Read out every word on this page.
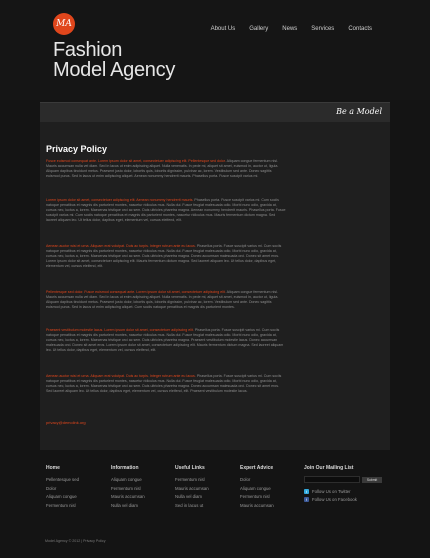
MA
Fashion
Model Agency
About Us Gallery News Services Contacts
Be a Model
Privacy Policy
Fusce euismod consequat ante. Lorem ipsum dolor sit amet, consectetuer adipiscing elit. Pellentesque sed dolor. Aliquam congue fermentum nisl. Mauris accumsan nulla vel diam. Sed in lacus ut enim adipiscing aliquet. Nulla venenatis. In pede mi, aliquet sit amet, euismod in, auctor ut, ligula. Aliquam dapibus tincidunt metus. Praesent justo dolor, lobortis quis, lobortis dignissim, pulvinar ac, lorem. Vestibulum sed ante. Donec sagittis euismod purus. Sed in lacus ut enim adipiscing aliquet. Aenean nonummy hendrerit mauris. Phasellus porta. Fusce suscipit varius mi.
Lorem ipsum dolor sit amet, consectetuer adipiscing elit. Aenean nonummy hendrerit mauris. Phasellus porta. Fusce suscipit varius mi. Cum sociis natoque penatibus et magnis dis parturient montes, nascetur ridiculus mus. Nulla dui. Fusce feugiat malesuada odio. Morbi nunc odio, gravida at, cursus nec, luctus a, lorem. Maecenas tristique orci ac sem. Duis ultricies pharetra magna. Aenean nonummy hendrerit mauris. Phasellus porta. Fusce suscipit varius mi. Cum sociis natoque penatibus et magnis dis parturient montes, nascetur ridiculus mus. Mauris fermentum dictum magna. Sed laoreet aliquam leo. Ut tellus dolor, dapibus eget, elementum vel, cursus eleifend, elit.
Aenean auctor wisi et urna. Aliquam erat volutpat. Duis ac turpis. Integer rutrum ante eu lacus. Phasellus porta. Fusce suscipit varius mi. Cum sociis natoque penatibus et magnis dis parturient montes, nascetur ridiculus mus. Nulla dui. Fusce feugiat malesuada odio. Morbi nunc odio, gravida at, cursus nec, luctus a, lorem. Maecenas tristique orci ac sem. Duis ultricies pharetra magna. Donec accumsan malesuada orci. Donec sit amet eros. Lorem ipsum dolor sit amet, consectetuer adipiscing elit. Mauris fermentum dictum magna. Sed laoreet aliquam leo. Ut tellus dolor, dapibus eget, elementum vel, cursus eleifend, elit.
Pellentesque sed dolor. Fusce euismod consequat ante. Lorem ipsum dolor sit amet, consectetuer adipiscing elit. Aliquam congue fermentum nisl. Mauris accumsan nulla vel diam. Sed in lacus ut enim adipiscing aliquet. Nulla venenatis. In pede mi, aliquet sit amet, euismod in, auctor ut, ligula. Aliquam dapibus tincidunt metus. Praesent justo dolor, lobortis quis, lobortis dignissim, pulvinar ac, lorem. Vestibulum sed ante. Donec sagittis euismod purus. Sed in lacus ut enim adipiscing aliquet. Cum sociis natoque penatibus et magnis dis parturient montes.
Praesent vestibulum molestie lacus. Lorem ipsum dolor sit amet, consectetuer adipiscing elit. Phasellus porta. Fusce suscipit varius mi. Cum sociis natoque penatibus et magnis dis parturient montes, nascetur ridiculus mus. Nulla dui. Fusce feugiat malesuada odio. Morbi nunc odio, gravida at, cursus nec, luctus a, lorem. Maecenas tristique orci ac sem. Duis ultricies pharetra magna. Praesent vestibulum molestie lacus. Donec accumsan malesuada orci. Donec sit amet eros. Lorem ipsum dolor sit amet, consectetuer adipiscing elit. Mauris fermentum dictum magna. Sed laoreet aliquam leo. Ut tellus dolor, dapibus eget, elementum vel, cursus eleifend, elit.
Aenean auctor wisi et urna. Aliquam erat volutpat. Duis ac turpis. Integer rutrum ante eu lacus. Phasellus porta. Fusce suscipit varius mi. Cum sociis natoque penatibus et magnis dis parturient montes, nascetur ridiculus mus. Nulla dui. Fusce feugiat malesuada odio. Morbi nunc odio, gravida at, cursus nec, luctus a, lorem. Maecenas tristique orci ac sem. Duis ultricies pharetra magna. Donec accumsan malesuada orci. Donec sit amet eros. Sed laoreet aliquam leo. Ut tellus dolor, dapibus eget, elementum vel, cursus eleifend, elit. Praesent vestibulum molestie lacus.
privacy@demolink.org
Home
Pellentesque sed
Dolor
Aliquam congue
Fermentum nisl
Information
Aliquam congue
Fermentum nisl
Mauris accumsan
Nulla vel diam
Useful Links
Fermentum nisl
Mauris accumsan
Nulla vel diam
Sed in lacus ut
Expert Advice
Dolor
Aliquam congue
Fermentum nisl
Mauris accumsan
Join Our Mailing List
Submit
t	Follow Us on Twitter
f	Follow Us on Facebook
Model Agency © 2012 | Privacy Policy
